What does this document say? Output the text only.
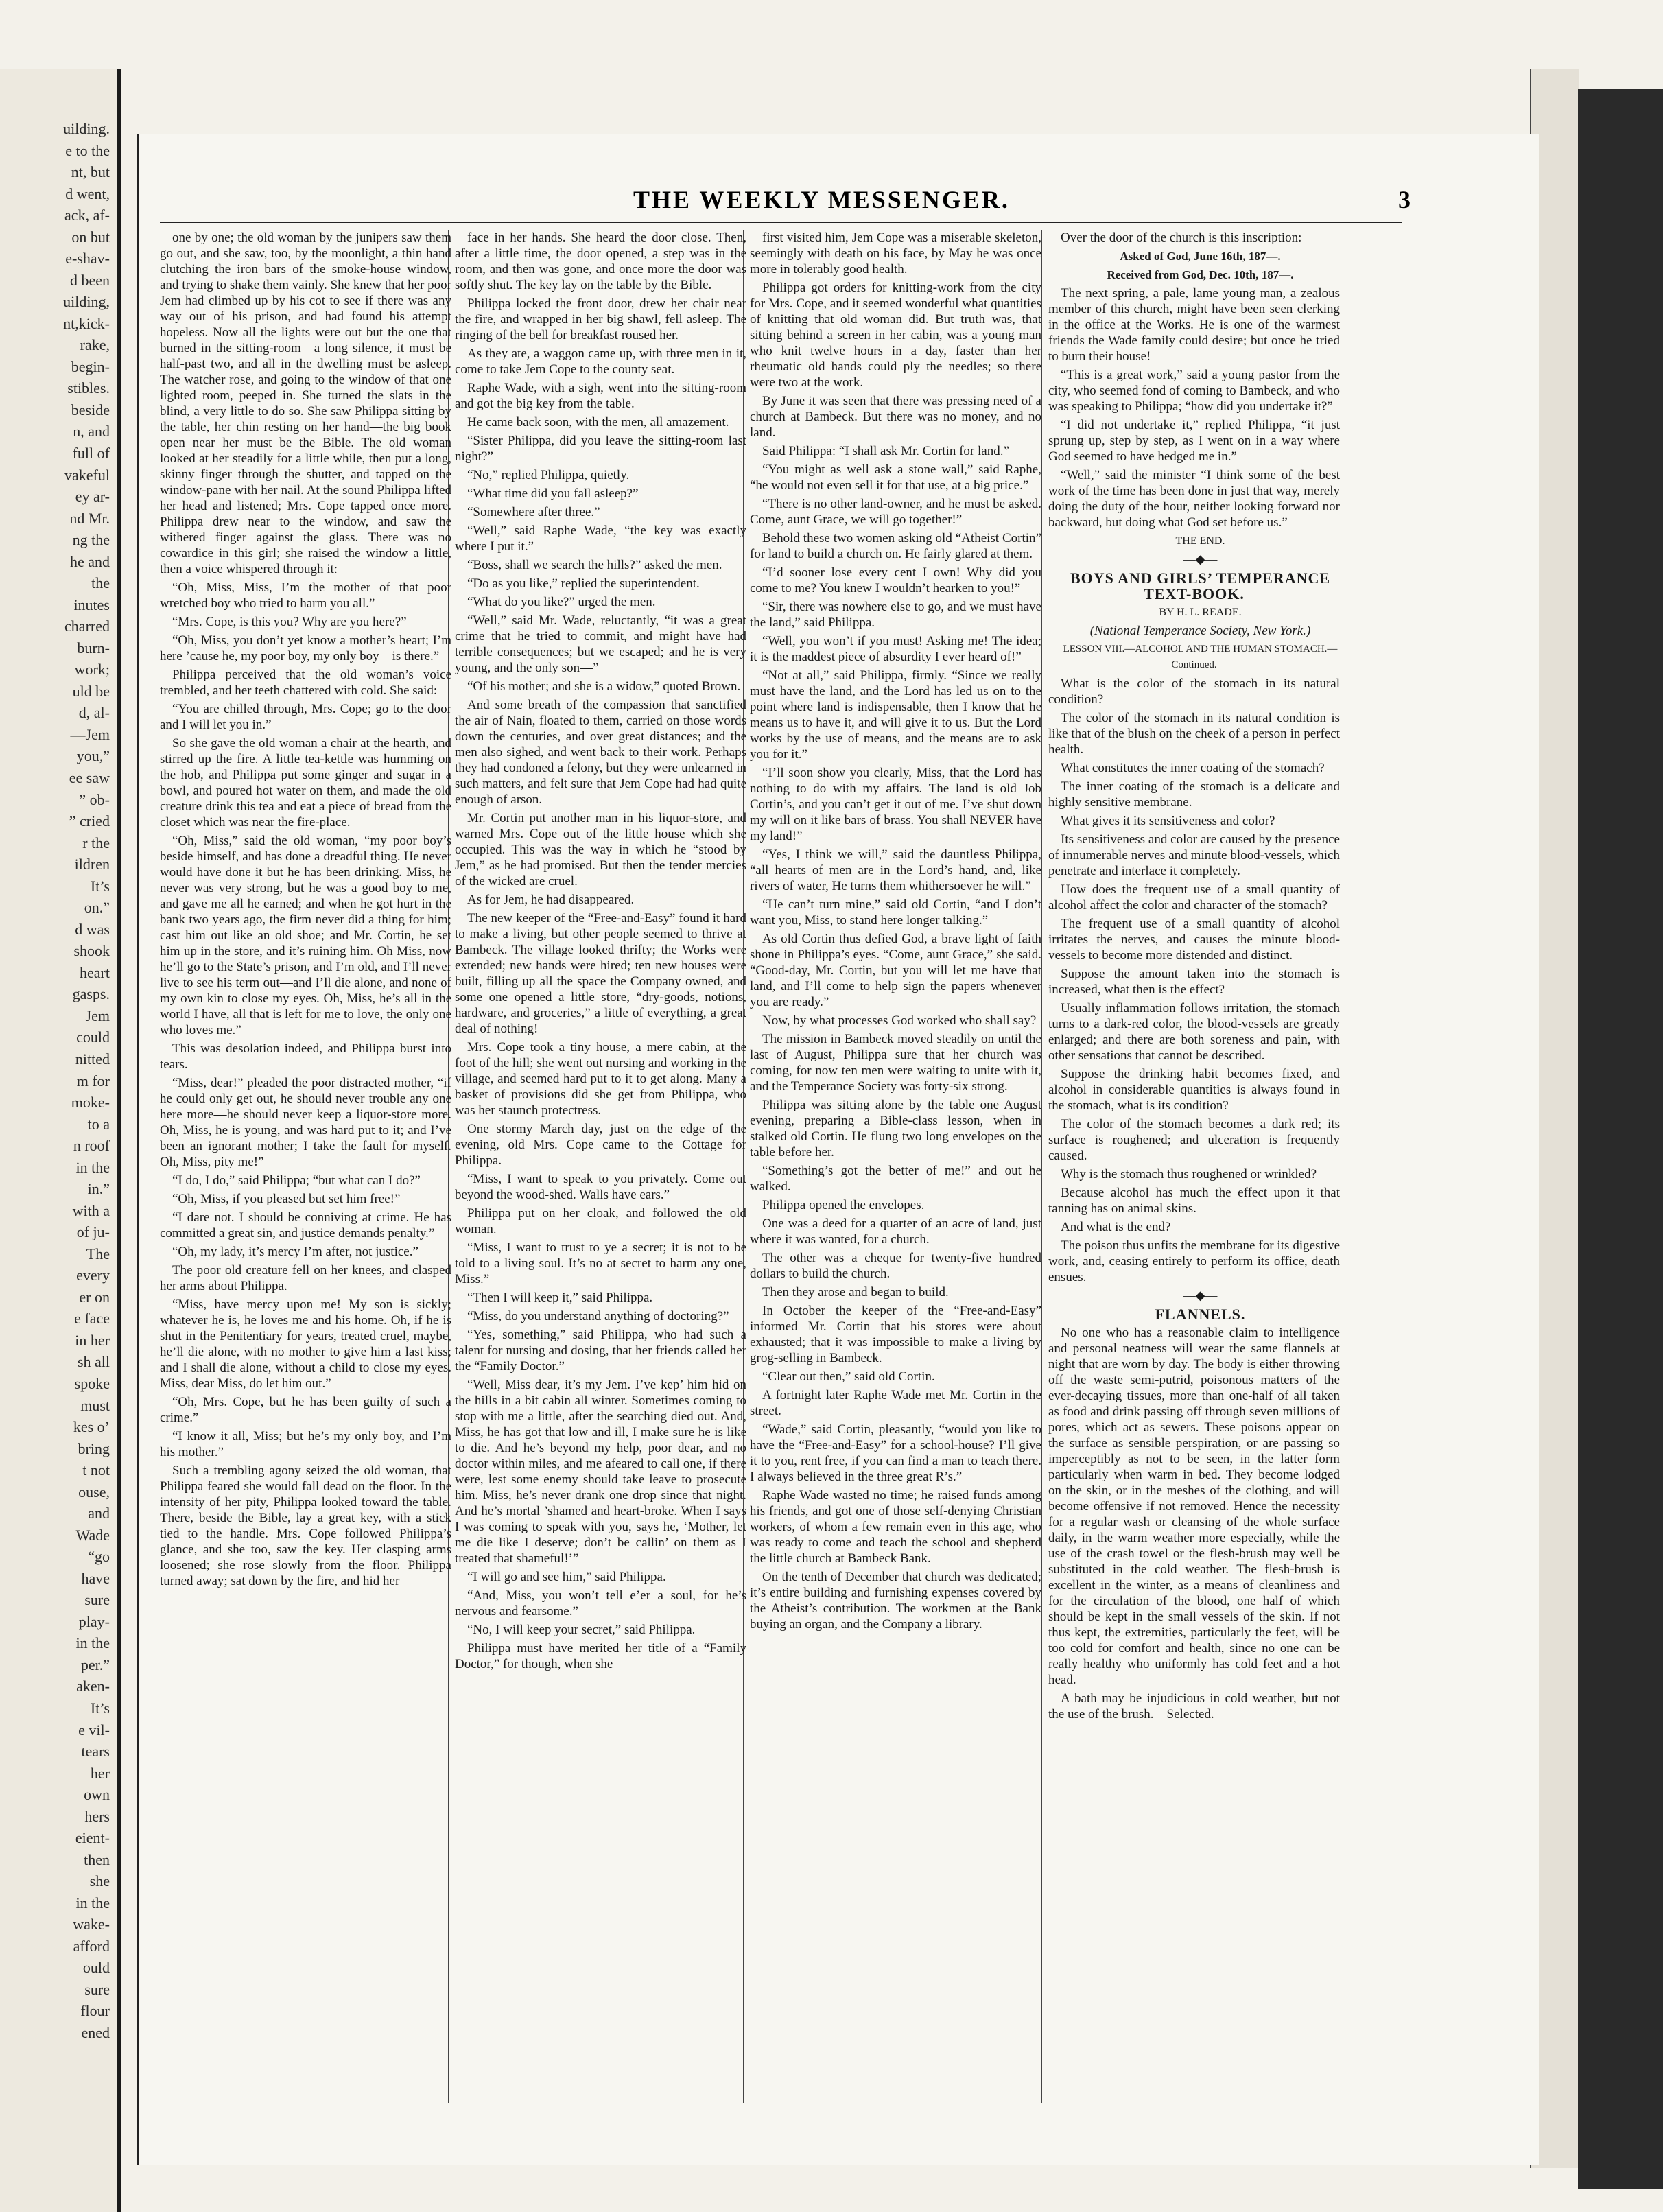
uilding.
e to the
nt, but
d went,
ack, af-
on but
e-shav-
d been
uilding,
nt,kick-
rake,
begin-
stibles.
beside
n, and
full of
vakeful
ey ar-
nd Mr.
ng the
he and
the
inutes
charred
burn-
work;
uld be
d, al-
—Jem
you,”
ee saw
” ob-
” cried
r the
ildren
It’s
on.”
d was
shook
heart
gasps.
Jem
could
nitted
m for
moke-
to a
n roof
in the
in.”
with a
of ju-
The
every
er on
e face
in her
sh all
spoke
must
kes o’
bring
t not
ouse,
and
Wade
“go
have
sure
play-
in the
per.”
aken-
It’s
e vil-
tears
her
own
hers
eient-
then
she
in the
wake-
afford
ould
sure
flour
ened
THE WEEKLY MESSENGER.	3

one by one; the old woman by the junipers saw them go out, and she saw, too, by the moonlight, a thin hand clutching the iron bars of the smoke-house window, and trying to shake them vainly. She knew that her poor Jem had climbed up by his cot to see if there was any way out of his prison, and had found his attempt hopeless. Now all the lights were out but the one that burned in the sitting-room—a long silence, it must be half-past two, and all in the dwelling must be asleep. The watcher rose, and going to the window of that one lighted room, peeped in. She turned the slats in the blind, a very little to do so. She saw Philippa sitting by the table, her chin resting on her hand—the big book open near her must be the Bible. The old woman looked at her steadily for a little while, then put a long, skinny finger through the shutter, and tapped on the window-pane with her nail. At the sound Philippa lifted her head and listened; Mrs. Cope tapped once more. Philippa drew near to the window, and saw the withered finger against the glass. There was no cowardice in this girl; she raised the window a little, then a voice whispered through it:

“Oh, Miss, Miss, I’m the mother of that poor wretched boy who tried to harm you all.”

“Mrs. Cope, is this you? Why are you here?”

“Oh, Miss, you don’t yet know a mother’s heart; I’m here ’cause he, my poor boy, my only boy—is there.”

Philippa perceived that the old woman’s voice trembled, and her teeth chattered with cold. She said:

“You are chilled through, Mrs. Cope; go to the door and I will let you in.”

So she gave the old woman a chair at the hearth, and stirred up the fire. A little tea-kettle was humming on the hob, and Philippa put some ginger and sugar in a bowl, and poured hot water on them, and made the old creature drink this tea and eat a piece of bread from the closet which was near the fire-place.

“Oh, Miss,” said the old woman, “my poor boy’s beside himself, and has done a dreadful thing. He never would have done it but he has been drinking. Miss, he never was very strong, but he was a good boy to me, and gave me all he earned; and when he got hurt in the bank two years ago, the firm never did a thing for him; cast him out like an old shoe; and Mr. Cortin, he set him up in the store, and it’s ruining him. Oh Miss, now he’ll go to the State’s prison, and I’m old, and I’ll never live to see his term out—and I’ll die alone, and none of my own kin to close my eyes. Oh, Miss, he’s all in the world I have, all that is left for me to love, the only one who loves me.”

This was desolation indeed, and Philippa burst into tears.

“Miss, dear!” pleaded the poor distracted mother, “if he could only get out, he should never trouble any one here more—he should never keep a liquor-store more. Oh, Miss, he is young, and was hard put to it; and I’ve been an ignorant mother; I take the fault for myself. Oh, Miss, pity me!”

“I do, I do,” said Philippa; “but what can I do?”

“Oh, Miss, if you pleased but set him free!”

“I dare not. I should be conniving at crime. He has committed a great sin, and justice demands penalty.”

“Oh, my lady, it’s mercy I’m after, not justice.”

The poor old creature fell on her knees, and clasped her arms about Philippa.

“Miss, have mercy upon me! My son is sickly; whatever he is, he loves me and his home. Oh, if he is shut in the Penitentiary for years, treated cruel, maybe, he’ll die alone, with no mother to give him a last kiss; and I shall die alone, without a child to close my eyes. Miss, dear Miss, do let him out.”

“Oh, Mrs. Cope, but he has been guilty of such a crime.”

“I know it all, Miss; but he’s my only boy, and I’m his mother.”

Such a trembling agony seized the old woman, that Philippa feared she would fall dead on the floor. In the intensity of her pity, Philippa looked toward the table. There, beside the Bible, lay a great key, with a stick tied to the handle. Mrs. Cope followed Philippa’s glance, and she too, saw the key. Her clasping arms loosened; she rose slowly from the floor. Philippa turned away; sat down by the fire, and hid her

face in her hands. She heard the door close. Then, after a little time, the door opened, a step was in the room, and then was gone, and once more the door was softly shut. The key lay on the table by the Bible.

Philippa locked the front door, drew her chair near the fire, and wrapped in her big shawl, fell asleep. The ringing of the bell for breakfast roused her.

As they ate, a waggon came up, with three men in it, come to take Jem Cope to the county seat.

Raphe Wade, with a sigh, went into the sitting-room and got the big key from the table.

He came back soon, with the men, all amazement.

“Sister Philippa, did you leave the sitting-room last night?”

“No,” replied Philippa, quietly.

“What time did you fall asleep?”

“Somewhere after three.”

“Well,” said Raphe Wade, “the key was exactly where I put it.”

“Boss, shall we search the hills?” asked the men.

“Do as you like,” replied the superintendent.

“What do you like?” urged the men.

“Well,” said Mr. Wade, reluctantly, “it was a great crime that he tried to commit, and might have had terrible consequences; but we escaped; and he is very young, and the only son—”

“Of his mother; and she is a widow,” quoted Brown.

And some breath of the compassion that sanctified the air of Nain, floated to them, carried on those words down the centuries, and over great distances; and the men also sighed, and went back to their work. Perhaps they had condoned a felony, but they were unlearned in such matters, and felt sure that Jem Cope had had quite enough of arson.

Mr. Cortin put another man in his liquor-store, and warned Mrs. Cope out of the little house which she occupied. This was the way in which he “stood by Jem,” as he had promised. But then the tender mercies of the wicked are cruel.

As for Jem, he had disappeared.

The new keeper of the “Free-and-Easy” found it hard to make a living, but other people seemed to thrive at Bambeck. The village looked thrifty; the Works were extended; new hands were hired; ten new houses were built, filling up all the space the Company owned, and some one opened a little store, “dry-goods, notions, hardware, and groceries,” a little of everything, a great deal of nothing!

Mrs. Cope took a tiny house, a mere cabin, at the foot of the hill; she went out nursing and working in the village, and seemed hard put to it to get along. Many a basket of provisions did she get from Philippa, who was her staunch protectress.

One stormy March day, just on the edge of the evening, old Mrs. Cope came to the Cottage for Philippa.

“Miss, I want to speak to you privately. Come out beyond the wood-shed. Walls have ears.”

Philippa put on her cloak, and followed the old woman.

“Miss, I want to trust to ye a secret; it is not to be told to a living soul. It’s no at secret to harm any one, Miss.”

“Then I will keep it,” said Philippa.

“Miss, do you understand anything of doctoring?”

“Yes, something,” said Philippa, who had such a talent for nursing and dosing, that her friends called her the “Family Doctor.”

“Well, Miss dear, it’s my Jem. I’ve kep’ him hid on the hills in a bit cabin all winter. Sometimes coming to stop with me a little, after the searching died out. And, Miss, he has got that low and ill, I make sure he is like to die. And he’s beyond my help, poor dear, and no doctor within miles, and me afeared to call one, if there were, lest some enemy should take leave to prosecute him. Miss, he’s never drank one drop since that night. And he’s mortal ’shamed and heart-broke. When I says I was coming to speak with you, says he, ‘Mother, let me die like I deserve; don’t be callin’ on them as I treated that shameful!’”

“I will go and see him,” said Philippa.

“And, Miss, you won’t tell e’er a soul, for he’s nervous and fearsome.”

“No, I will keep your secret,” said Philippa.

Philippa must have merited her title of a “Family Doctor,” for though, when she

first visited him, Jem Cope was a miserable skeleton, seemingly with death on his face, by May he was once more in tolerably good health.

Philippa got orders for knitting-work from the city for Mrs. Cope, and it seemed wonderful what quantities of knitting that old woman did. But truth was, that sitting behind a screen in her cabin, was a young man who knit twelve hours in a day, faster than her rheumatic old hands could ply the needles; so there were two at the work.

By June it was seen that there was pressing need of a church at Bambeck. But there was no money, and no land.

Said Philippa: “I shall ask Mr. Cortin for land.”

“You might as well ask a stone wall,” said Raphe, “he would not even sell it for that use, at a big price.”

“There is no other land-owner, and he must be asked. Come, aunt Grace, we will go together!”

Behold these two women asking old “Atheist Cortin” for land to build a church on. He fairly glared at them.

“I’d sooner lose every cent I own! Why did you come to me? You knew I wouldn’t hearken to you!”

“Sir, there was nowhere else to go, and we must have the land,” said Philippa.

“Well, you won’t if you must! Asking me! The idea; it is the maddest piece of absurdity I ever heard of!”

“Not at all,” said Philippa, firmly. “Since we really must have the land, and the Lord has led us on to the point where land is indispensable, then I know that he means us to have it, and will give it to us. But the Lord works by the use of means, and the means are to ask you for it.”

“I’ll soon show you clearly, Miss, that the Lord has nothing to do with my affairs. The land is old Job Cortin’s, and you can’t get it out of me. I’ve shut down my will on it like bars of brass. You shall NEVER have my land!”

“Yes, I think we will,” said the dauntless Philippa, “all hearts of men are in the Lord’s hand, and, like rivers of water, He turns them whithersoever he will.”

“He can’t turn mine,” said old Cortin, “and I don’t want you, Miss, to stand here longer talking.”

As old Cortin thus defied God, a brave light of faith shone in Philippa’s eyes. “Come, aunt Grace,” she said. “Good-day, Mr. Cortin, but you will let me have that land, and I’ll come to help sign the papers whenever you are ready.”

Now, by what processes God worked who shall say?

The mission in Bambeck moved steadily on until the last of August, Philippa sure that her church was coming, for now ten men were waiting to unite with it, and the Temperance Society was forty-six strong.

Philippa was sitting alone by the table one August evening, preparing a Bible-class lesson, when in stalked old Cortin. He flung two long envelopes on the table before her.

“Something’s got the better of me!” and out he walked.

Philippa opened the envelopes.

One was a deed for a quarter of an acre of land, just where it was wanted, for a church.

The other was a cheque for twenty-five hundred dollars to build the church.

Then they arose and began to build.

In October the keeper of the “Free-and-Easy” informed Mr. Cortin that his stores were about exhausted; that it was impossible to make a living by grog-selling in Bambeck.

“Clear out then,” said old Cortin.

A fortnight later Raphe Wade met Mr. Cortin in the street.

“Wade,” said Cortin, pleasantly, “would you like to have the “Free-and-Easy” for a school-house? I’ll give it to you, rent free, if you can find a man to teach there. I always believed in the three great R’s.”

Raphe Wade wasted no time; he raised funds among his friends, and got one of those self-denying Christian workers, of whom a few remain even in this age, who was ready to come and teach the school and shepherd the little church at Bambeck Bank.

On the tenth of December that church was dedicated; it’s entire building and furnishing expenses covered by the Atheist’s contribution. The workmen at the Bank buying an organ, and the Company a library.

Over the door of the church is this inscription:

Asked of God, June 16th, 187—.

Received from God, Dec. 10th, 187—.

The next spring, a pale, lame young man, a zealous member of this church, might have been seen clerking in the office at the Works. He is one of the warmest friends the Wade family could desire; but once he tried to burn their house!

“This is a great work,” said a young pastor from the city, who seemed fond of coming to Bambeck, and who was speaking to Philippa; “how did you undertake it?”

“I did not undertake it,” replied Philippa, “it just sprung up, step by step, as I went on in a way where God seemed to have hedged me in.”

“Well,” said the minister “I think some of the best work of the time has been done in just that way, merely doing the duty of the hour, neither looking forward nor backward, but doing what God set before us.”

THE END.

—◆—

BOYS AND GIRLS’ TEMPERANCE TEXT-BOOK.

BY H. L. READE.

(National Temperance Society, New York.)

LESSON VIII.—ALCOHOL AND THE HUMAN STOMACH.—Continued.

What is the color of the stomach in its natural condition?

The color of the stomach in its natural condition is like that of the blush on the cheek of a person in perfect health.

What constitutes the inner coating of the stomach?

The inner coating of the stomach is a delicate and highly sensitive membrane.

What gives it its sensitiveness and color?

Its sensitiveness and color are caused by the presence of innumerable nerves and minute blood-vessels, which penetrate and interlace it completely.

How does the frequent use of a small quantity of alcohol affect the color and character of the stomach?

The frequent use of a small quantity of alcohol irritates the nerves, and causes the minute blood-vessels to become more distended and distinct.

Suppose the amount taken into the stomach is increased, what then is the effect?

Usually inflammation follows irritation, the stomach turns to a dark-red color, the blood-vessels are greatly enlarged; and there are both soreness and pain, with other sensations that cannot be described.

Suppose the drinking habit becomes fixed, and alcohol in considerable quantities is always found in the stomach, what is its condition?

The color of the stomach becomes a dark red; its surface is roughened; and ulceration is frequently caused.

Why is the stomach thus roughened or wrinkled?

Because alcohol has much the effect upon it that tanning has on animal skins.

And what is the end?

The poison thus unfits the membrane for its digestive work, and, ceasing entirely to perform its office, death ensues.

—◆—

FLANNELS.

No one who has a reasonable claim to intelligence and personal neatness will wear the same flannels at night that are worn by day. The body is either throwing off the waste semi-putrid, poisonous matters of the ever-decaying tissues, more than one-half of all taken as food and drink passing off through seven millions of pores, which act as sewers. These poisons appear on the surface as sensible perspiration, or are passing so imperceptibly as not to be seen, in the latter form particularly when warm in bed. They become lodged on the skin, or in the meshes of the clothing, and will become offensive if not removed. Hence the necessity for a regular wash or cleansing of the whole surface daily, in the warm weather more especially, while the use of the crash towel or the flesh-brush may well be substituted in the cold weather. The flesh-brush is excellent in the winter, as a means of cleanliness and for the circulation of the blood, one half of which should be kept in the small vessels of the skin. If not thus kept, the extremities, particularly the feet, will be too cold for comfort and health, since no one can be really healthy who uniformly has cold feet and a hot head.

A bath may be injudicious in cold weather, but not the use of the brush.—Selected.
